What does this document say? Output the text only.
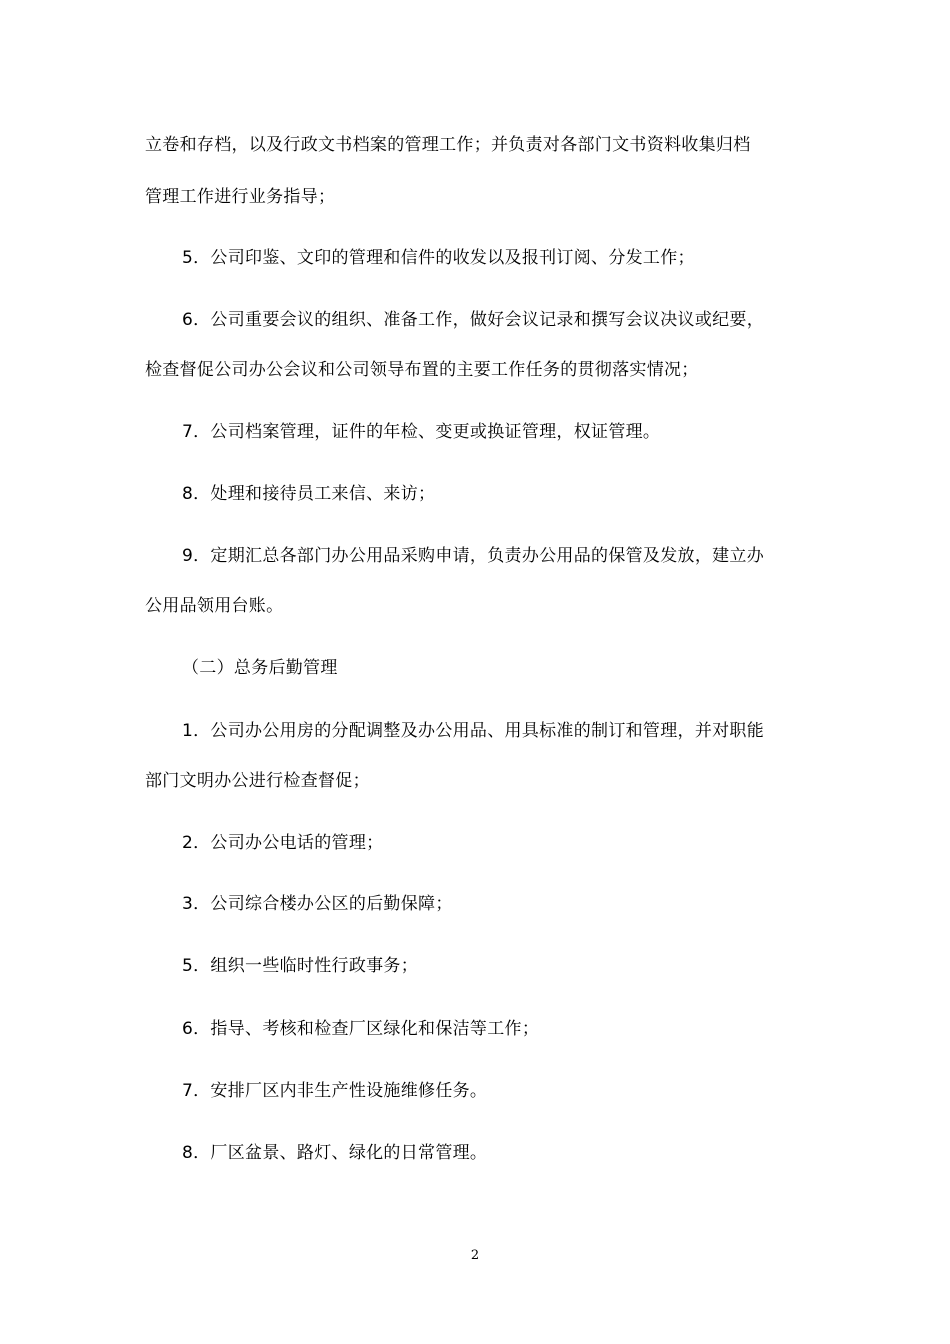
立卷和存档，以及行政文书档案的管理工作；并负责对各部门文书资料收集归档
管理工作进行业务指导；
5．公司印鉴、文印的管理和信件的收发以及报刊订阅、分发工作；
6．公司重要会议的组织、准备工作，做好会议记录和撰写会议决议或纪要，
检查督促公司办公会议和公司领导布置的主要工作任务的贯彻落实情况；
7．公司档案管理，证件的年检、变更或换证管理，权证管理。
8．处理和接待员工来信、来访；
9．定期汇总各部门办公用品采购申请，负责办公用品的保管及发放，建立办
公用品领用台账。
（二）总务后勤管理
1．公司办公用房的分配调整及办公用品、用具标准的制订和管理，并对职能
部门文明办公进行检查督促；
2．公司办公电话的管理；
3．公司综合楼办公区的后勤保障；
5．组织一些临时性行政事务；
6．指导、考核和检查厂区绿化和保洁等工作；
7．安排厂区内非生产性设施维修任务。
8．厂区盆景、路灯、绿化的日常管理。
2
